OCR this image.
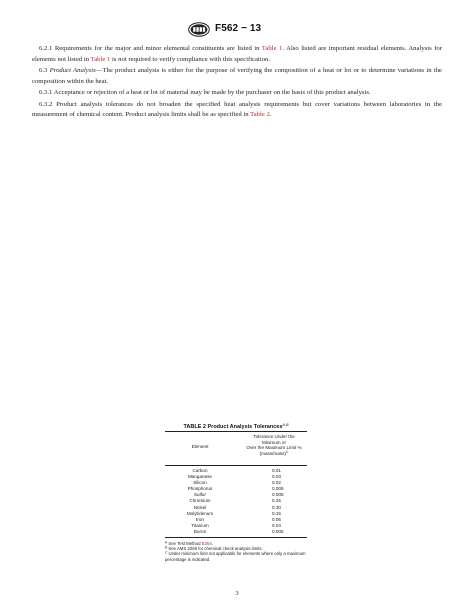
F562 − 13

6.2.1 Requirements for the major and minor elemental constituents are listed in Table 1. Also listed are important residual elements. Analysis for elements not listed in Table 1 is not required to verify compliance with this specification.

6.3 Product Analysis—The product analysis is either for the purpose of verifying the composition of a heat or lot or to determine variations in the composition within the heat.

6.3.1 Acceptance or rejection of a heat or lot of material may be made by the purchaser on the basis of this product analysis.

6.3.2 Product analysis tolerances do not broaden the specified heat analysis requirements but cover variations between laboratories in the measurement of chemical content. Product analysis limits shall be as specified in Table 2.

TABLE 2 Product Analysis Tolerances$^{A,B}$
Element
Tolerance Under the
Minimum or
Over the Maximum Limit %
(mass/mass)$^C$
Carbon	0.01
Manganese	0.03
Silicon	0.02
Phosphorus	0.005
Sulfur	0.005
Chromium	0.25
Nickel	0.30
Molybdenum	0.15
Iron	0.05
Titanium	0.04
Boron	0.005
$^A$ See Test Method E354.
$^B$ See AMS 2269 for chemical check analysis limits.
$^C$ Under minimum limit not applicable for elements where only a maximum percentage is indicated.
3
